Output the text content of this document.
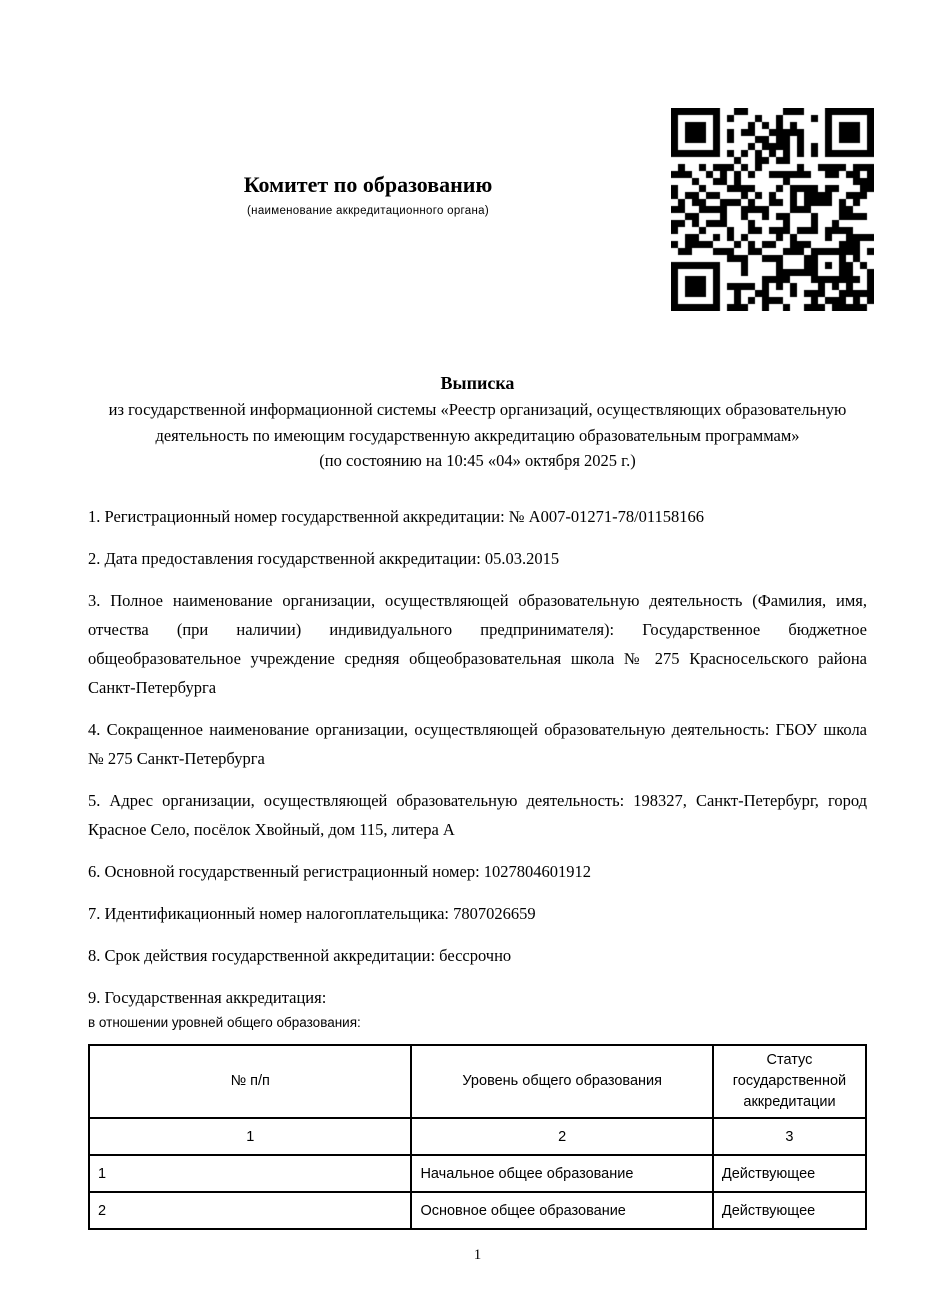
Комитет по образованию
(наименование аккредитационного органа)
Выписка
из государственной информационной системы «Реестр организаций, осуществляющих образовательную деятельность по имеющим государственную аккредитацию образовательным программам»
(по состоянию на 10:45 «04» октября 2025 г.)

1. Регистрационный номер государственной аккредитации: № А007-01271-78/01158166

2. Дата предоставления государственной аккредитации: 05.03.2015

3. Полное наименование организации, осуществляющей образовательную деятельность (Фамилия, имя, отчества (при наличии) индивидуального предпринимателя): Государственное бюджетное общеобразовательное учреждение средняя общеобразовательная школа № 275 Красносельского района Санкт-Петербурга

4. Сокращенное наименование организации, осуществляющей образовательную деятельность: ГБОУ школа № 275 Санкт-Петербурга

5. Адрес организации, осуществляющей образовательную деятельность: 198327, Санкт-Петербург, город Красное Село, посёлок Хвойный, дом 115, литера А

6. Основной государственный регистрационный номер: 1027804601912

7. Идентификационный номер налогоплательщика: 7807026659

8. Срок действия государственной аккредитации: бессрочно

9. Государственная аккредитация:
в отношении уровней общего образования:

№ п/п	Уровень общего образования	Статус государственной аккредитации
1	2	3
1	Начальное общее образование	Действующее
2	Основное общее образование	Действующее
1
